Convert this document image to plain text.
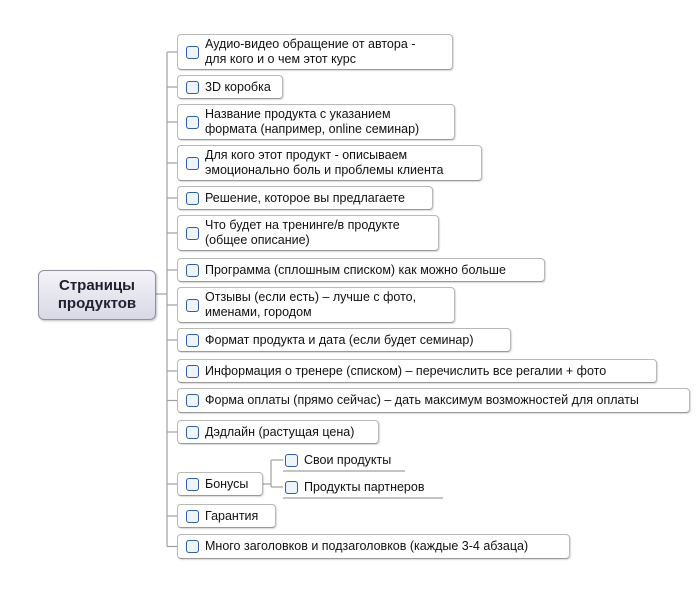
Страницы
продуктов
Аудио-видео обращение от автора -
для кого и о чем этот курс
3D коробка
Название продукта с указанием
формата (например, online семинар)
Для кого этот продукт - описываем
эмоционально боль и проблемы клиента
Решение, которое вы предлагаете
Что будет на тренинге/в продукте
(общее описание)
Программа (сплошным списком) как можно больше
Отзывы (если есть) – лучше с фото,
именами, городом
Формат продукта и дата (если будет семинар)
Информация о тренере (списком) – перечислить все регалии + фото
Форма оплаты (прямо сейчас) – дать максимум возможностей для оплаты
Дэдлайн (растущая цена)
Бонусы
Свои продукты
Продукты партнеров
Гарантия
Много заголовков и подзаголовков (каждые 3-4 абзаца)
